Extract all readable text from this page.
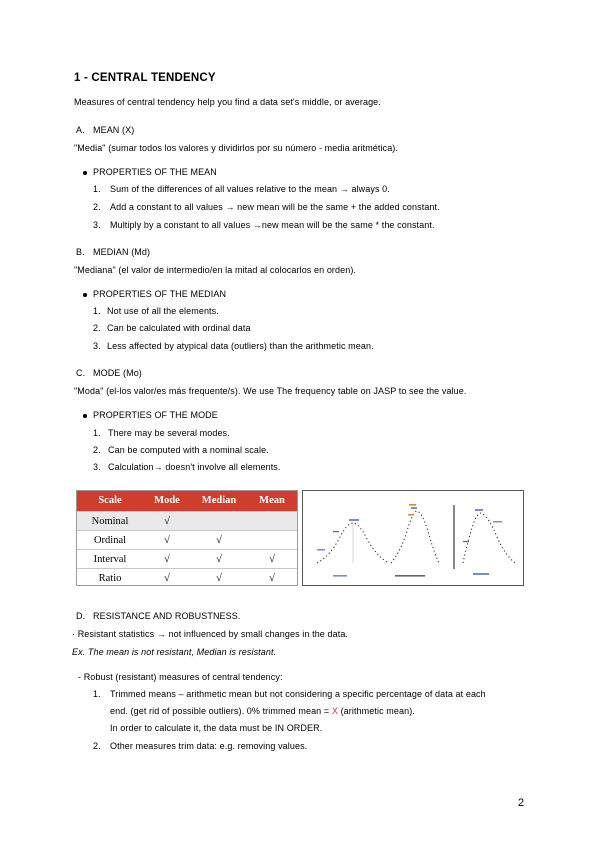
1 - CENTRAL TENDENCY
Measures of central tendency help you find a data set's middle, or average.
A. MEAN (X)
"Media" (sumar todos los valores y dividirlos por su número - media aritmética).
PROPERTIES OF THE MEAN
1. Sum of the differences of all values relative to the mean → always 0.
2. Add a constant to all values → new mean will be the same + the added constant.
3. Multiply by a constant to all values →new mean will be the same * the constant.
B. MEDIAN (Md)
"Mediana" (el valor de intermedio/en la mitad al colocarlos en orden).
PROPERTIES OF THE MEDIAN
1. Not use of all the elements.
2. Can be calculated with ordinal data
3. Less affected by atypical data (outliers) than the arithmetic mean.
C. MODE (Mo)
"Moda" (el-los valor/es más frequente/s). We use The frequency table on JASP to see the value.
PROPERTIES OF THE MODE
1. There may be several modes.
2. Can be computed with a nominal scale.
3. Calculation→ doesn't involve all elements.
Scale	Mode	Median	Mean
Nominal	√
Ordinal	√	√
Interval	√	√	√
Ratio	√	√	√
D. RESISTANCE AND ROBUSTNESS.
· Resistant statistics → not influenced by small changes in the data.
Ex. The mean is not resistant, Median is resistant.
- Robust (resistant) measures of central tendency:
1. Trimmed means – arithmetic mean but not considering a specific percentage of data at each
end. (get rid of possible outliers). 0% trimmed mean = X (arithmetic mean).
In order to calculate it, the data must be IN ORDER.
2. Other measures trim data: e.g. removing values.
2
